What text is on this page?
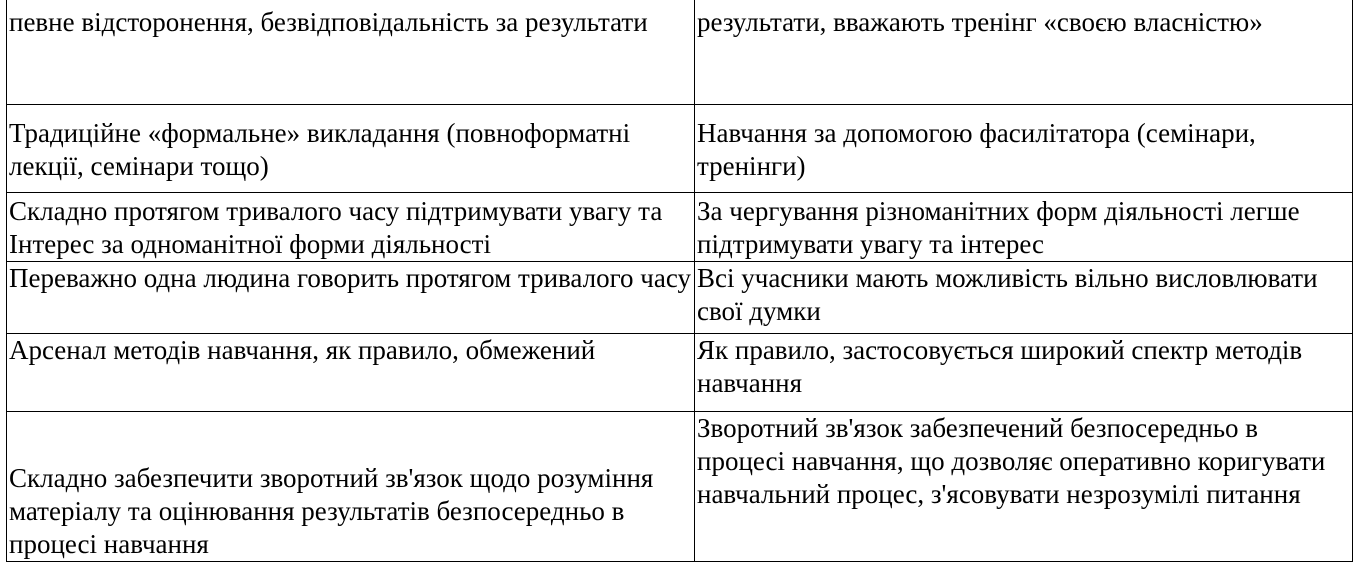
певне відсторонення, безвідповідальність за результати	результати, вважають тренінг «своєю власністю»

Традиційне «формальне» викладання (повноформатні лекції, семінари тощо)	Навчання за допомогою фасилітатора (семінари, тренінги)

Складно протягом тривалого часу підтримувати увагу та Інтерес за одноманітної форми діяльності	За чергування різноманітних форм діяльності легше підтримувати увагу та інтерес

Переважно одна людина говорить протягом тривалого часу	Всі учасники мають можливість вільно висловлювати свої думки

Арсенал методів навчання, як правило, обмежений	Як правило, застосовується широкий спектр методів навчання

Складно забезпечити зворотний зв'язок щодо розуміння матеріалу та оцінювання результатів безпосередньо в процесі навчання	Зворотний зв'язок забезпечений безпосередньо в процесі навчання, що дозволяє оперативно коригувати навчальний процес, з'ясовувати незрозумілі питання
